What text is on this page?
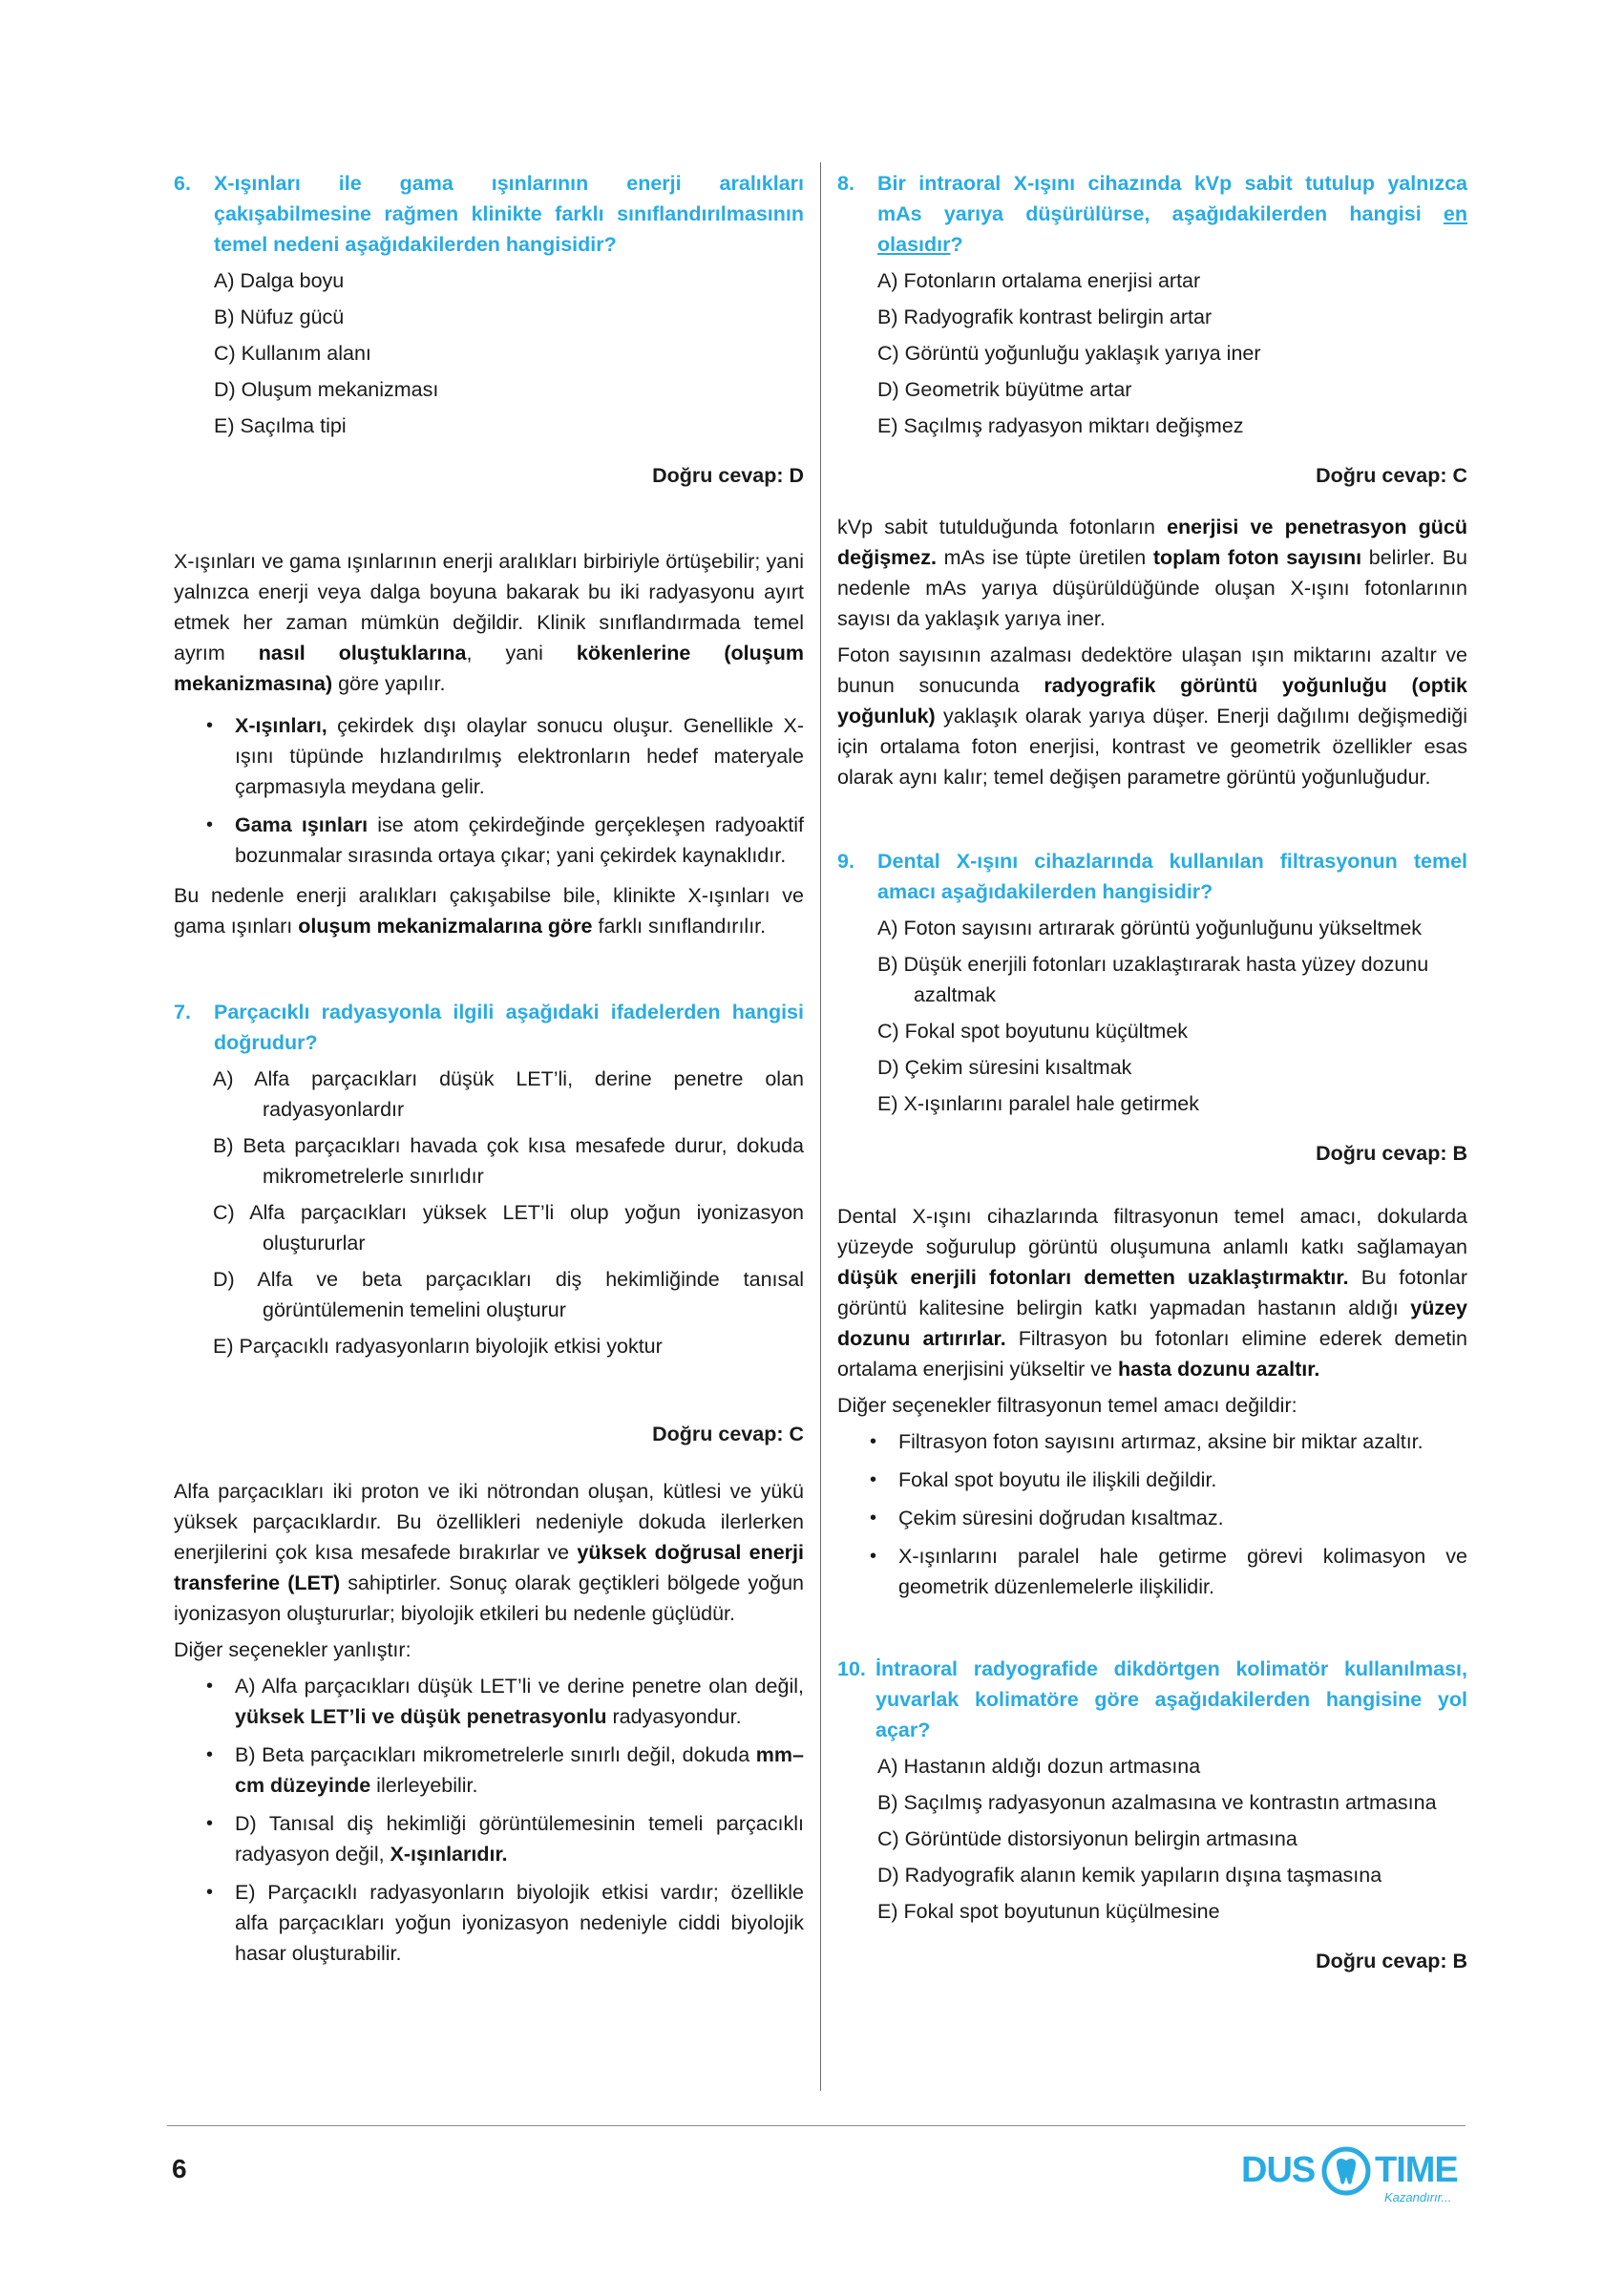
6. X-ışınları ile gama ışınlarının enerji aralıkları çakışabilmesine rağmen klinikte farklı sınıflandırılmasının temel nedeni aşağıdakilerden hangisidir?

A) Dalga boyu

B) Nüfuz gücü

C) Kullanım alanı

D) Oluşum mekanizması

E) Saçılma tipi

Doğru cevap: D

X-ışınları ve gama ışınlarının enerji aralıkları birbiriyle örtüşebilir; yani yalnızca enerji veya dalga boyuna bakarak bu iki radyasyonu ayırt etmek her zaman mümkün değildir. Klinik sınıflandırmada temel ayrım nasıl oluştuklarına, yani kökenlerine (oluşum mekanizmasına) göre yapılır.

• X-ışınları, çekirdek dışı olaylar sonucu oluşur. Genellikle X-ışını tüpünde hızlandırılmış elektronların hedef materyale çarpmasıyla meydana gelir.
• Gama ışınları ise atom çekirdeğinde gerçekleşen radyoaktif bozunmalar sırasında ortaya çıkar; yani çekirdek kaynaklıdır.

Bu nedenle enerji aralıkları çakışabilse bile, klinikte X-ışınları ve gama ışınları oluşum mekanizmalarına göre farklı sınıflandırılır.

7. Parçacıklı radyasyonla ilgili aşağıdaki ifadelerden hangisi doğrudur?

A) Alfa parçacıkları düşük LET’li, derine penetre olan radyasyonlardır

B) Beta parçacıkları havada çok kısa mesafede durur, dokuda mikrometrelerle sınırlıdır

C) Alfa parçacıkları yüksek LET’li olup yoğun iyonizasyon oluştururlar

D) Alfa ve beta parçacıkları diş hekimliğinde tanısal görüntülemenin temelini oluşturur

E) Parçacıklı radyasyonların biyolojik etkisi yoktur

Doğru cevap: C

Alfa parçacıkları iki proton ve iki nötrondan oluşan, kütlesi ve yükü yüksek parçacıklardır. Bu özellikleri nedeniyle dokuda ilerlerken enerjilerini çok kısa mesafede bırakırlar ve yüksek doğrusal enerji transferine (LET) sahiptirler. Sonuç olarak geçtikleri bölgede yoğun iyonizasyon oluştururlar; biyolojik etkileri bu nedenle güçlüdür.

Diğer seçenekler yanlıştır:

• A) Alfa parçacıkları düşük LET’li ve derine penetre olan değil, yüksek LET’li ve düşük penetrasyonlu radyasyondur.
• B) Beta parçacıkları mikrometrelerle sınırlı değil, dokuda mm–cm düzeyinde ilerleyebilir.
• D) Tanısal diş hekimliği görüntülemesinin temeli parçacıklı radyasyon değil, X-ışınlarıdır.
• E) Parçacıklı radyasyonların biyolojik etkisi vardır; özellikle alfa parçacıkları yoğun iyonizasyon nedeniyle ciddi biyolojik hasar oluşturabilir.

8. Bir intraoral X-ışını cihazında kVp sabit tutulup yalnızca mAs yarıya düşürülürse, aşağıdakilerden hangisi en olasıdır?

A) Fotonların ortalama enerjisi artar

B) Radyografik kontrast belirgin artar

C) Görüntü yoğunluğu yaklaşık yarıya iner

D) Geometrik büyütme artar

E) Saçılmış radyasyon miktarı değişmez

Doğru cevap: C

kVp sabit tutulduğunda fotonların enerjisi ve penetrasyon gücü değişmez. mAs ise tüpte üretilen toplam foton sayısını belirler. Bu nedenle mAs yarıya düşürüldüğünde oluşan X-ışını fotonlarının sayısı da yaklaşık yarıya iner.

Foton sayısının azalması dedektöre ulaşan ışın miktarını azaltır ve bunun sonucunda radyografik görüntü yoğunluğu (optik yoğunluk) yaklaşık olarak yarıya düşer. Enerji dağılımı değişmediği için ortalama foton enerjisi, kontrast ve geometrik özellikler esas olarak aynı kalır; temel değişen parametre görüntü yoğunluğudur.

9. Dental X-ışını cihazlarında kullanılan filtrasyonun temel amacı aşağıdakilerden hangisidir?

A) Foton sayısını artırarak görüntü yoğunluğunu yükseltmek

B) Düşük enerjili fotonları uzaklaştırarak hasta yüzey dozunu azaltmak

C) Fokal spot boyutunu küçültmek

D) Çekim süresini kısaltmak

E) X-ışınlarını paralel hale getirmek

Doğru cevap: B

Dental X-ışını cihazlarında filtrasyonun temel amacı, dokularda yüzeyde soğurulup görüntü oluşumuna anlamlı katkı sağlamayan düşük enerjili fotonları demetten uzaklaştırmaktır. Bu fotonlar görüntü kalitesine belirgin katkı yapmadan hastanın aldığı yüzey dozunu artırırlar. Filtrasyon bu fotonları elimine ederek demetin ortalama enerjisini yükseltir ve hasta dozunu azaltır.

Diğer seçenekler filtrasyonun temel amacı değildir:

• Filtrasyon foton sayısını artırmaz, aksine bir miktar azaltır.
• Fokal spot boyutu ile ilişkili değildir.
• Çekim süresini doğrudan kısaltmaz.
• X-ışınlarını paralel hale getirme görevi kolimasyon ve geometrik düzenlemelerle ilişkilidir.

10. İntraoral radyografide dikdörtgen kolimatör kullanılması, yuvarlak kolimatöre göre aşağıdakilerden hangisine yol açar?

A) Hastanın aldığı dozun artmasına

B) Saçılmış radyasyonun azalmasına ve kontrastın artmasına

C) Görüntüde distorsiyonun belirgin artmasına

D) Radyografik alanın kemik yapıların dışına taşmasına

E) Fokal spot boyutunun küçülmesine

Doğru cevap: B

6	DUS TIME
Kazandırır...
